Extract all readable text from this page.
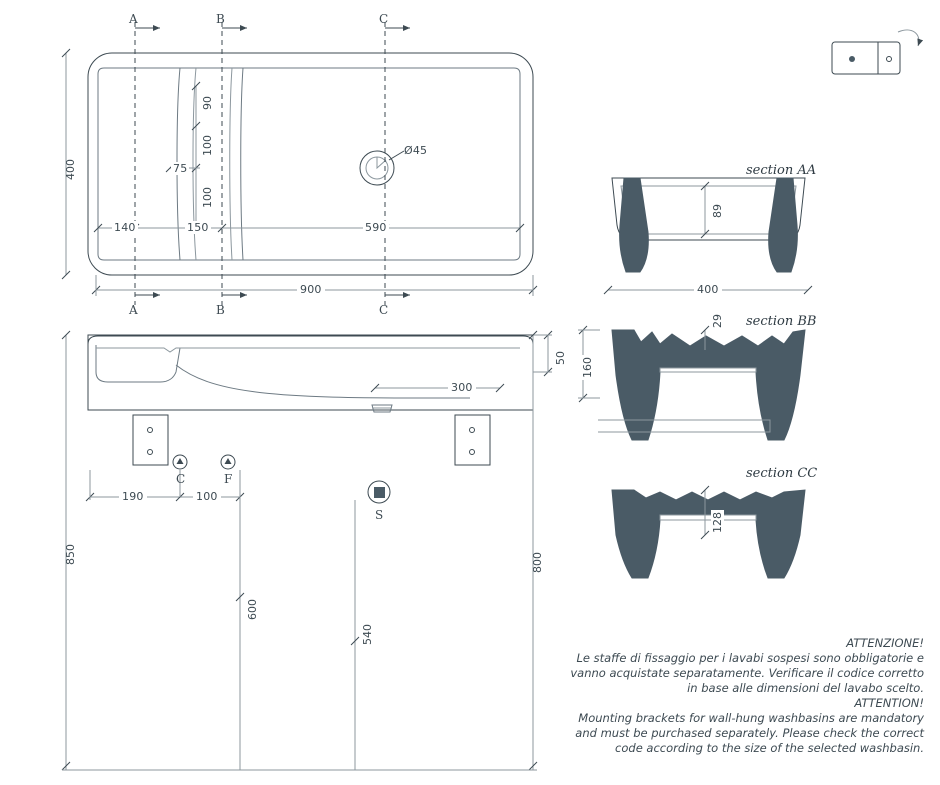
A	B	C
A	B	C
400
900
140	150	590
90
100
100
75
Ø45
50
300
190	100
600
540
850	800
C	F
S
section AA
section BB
section CC
89
400
29
160
128
ATTENZIONE!
Le staffe di fissaggio per i lavabi sospesi sono obbligatorie e
vanno acquistate separatamente. Verificare il codice corretto
in base alle dimensioni del lavabo scelto.
ATTENTION!
Mounting brackets for wall-hung washbasins are mandatory
and must be purchased separately. Please check the correct
code according to the size of the selected washbasin.
